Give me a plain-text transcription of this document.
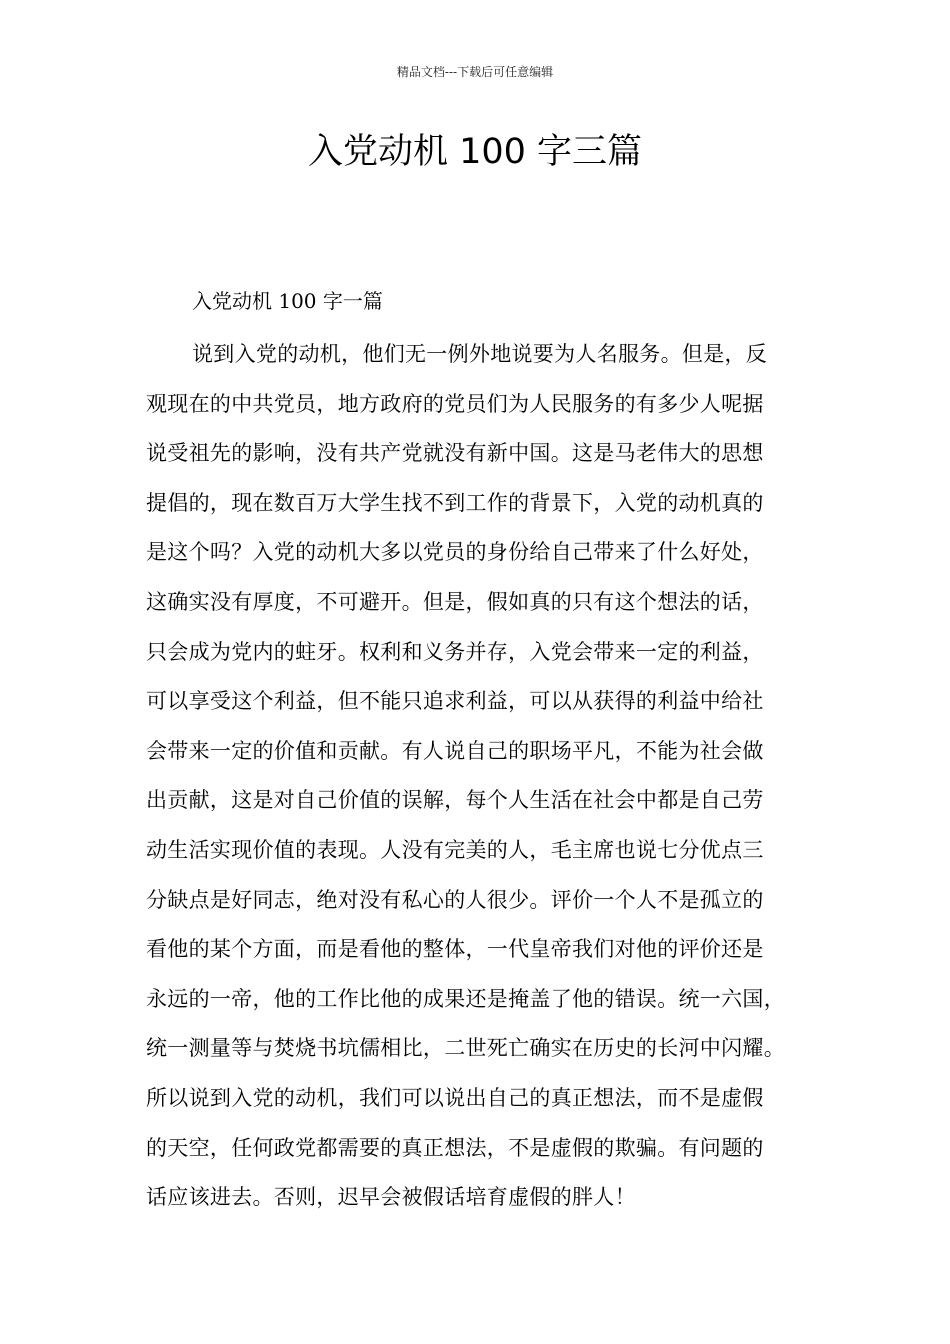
精品文档---下载后可任意编辑
入党动机 100 字三篇
入党动机 100 字一篇
说到入党的动机，他们无一例外地说要为人名服务。但是，反
观现在的中共党员，地方政府的党员们为人民服务的有多少人呢据
说受祖先的影响，没有共产党就没有新中国。这是马老伟大的思想
提倡的，现在数百万大学生找不到工作的背景下，入党的动机真的
是这个吗？入党的动机大多以党员的身份给自己带来了什么好处，
这确实没有厚度，不可避开。但是，假如真的只有这个想法的话，
只会成为党内的蛀牙。权利和义务并存，入党会带来一定的利益，
可以享受这个利益，但不能只追求利益，可以从获得的利益中给社
会带来一定的价值和贡献。有人说自己的职场平凡，不能为社会做
出贡献，这是对自己价值的误解，每个人生活在社会中都是自己劳
动生活实现价值的表现。人没有完美的人，毛主席也说七分优点三
分缺点是好同志，绝对没有私心的人很少。评价一个人不是孤立的
看他的某个方面，而是看他的整体，一代皇帝我们对他的评价还是
永远的一帝，他的工作比他的成果还是掩盖了他的错误。统一六国，
统一测量等与焚烧书坑儒相比，二世死亡确实在历史的长河中闪耀。
所以说到入党的动机，我们可以说出自己的真正想法，而不是虚假
的天空，任何政党都需要的真正想法，不是虚假的欺骗。有问题的
话应该进去。否则，迟早会被假话培育虚假的胖人！
